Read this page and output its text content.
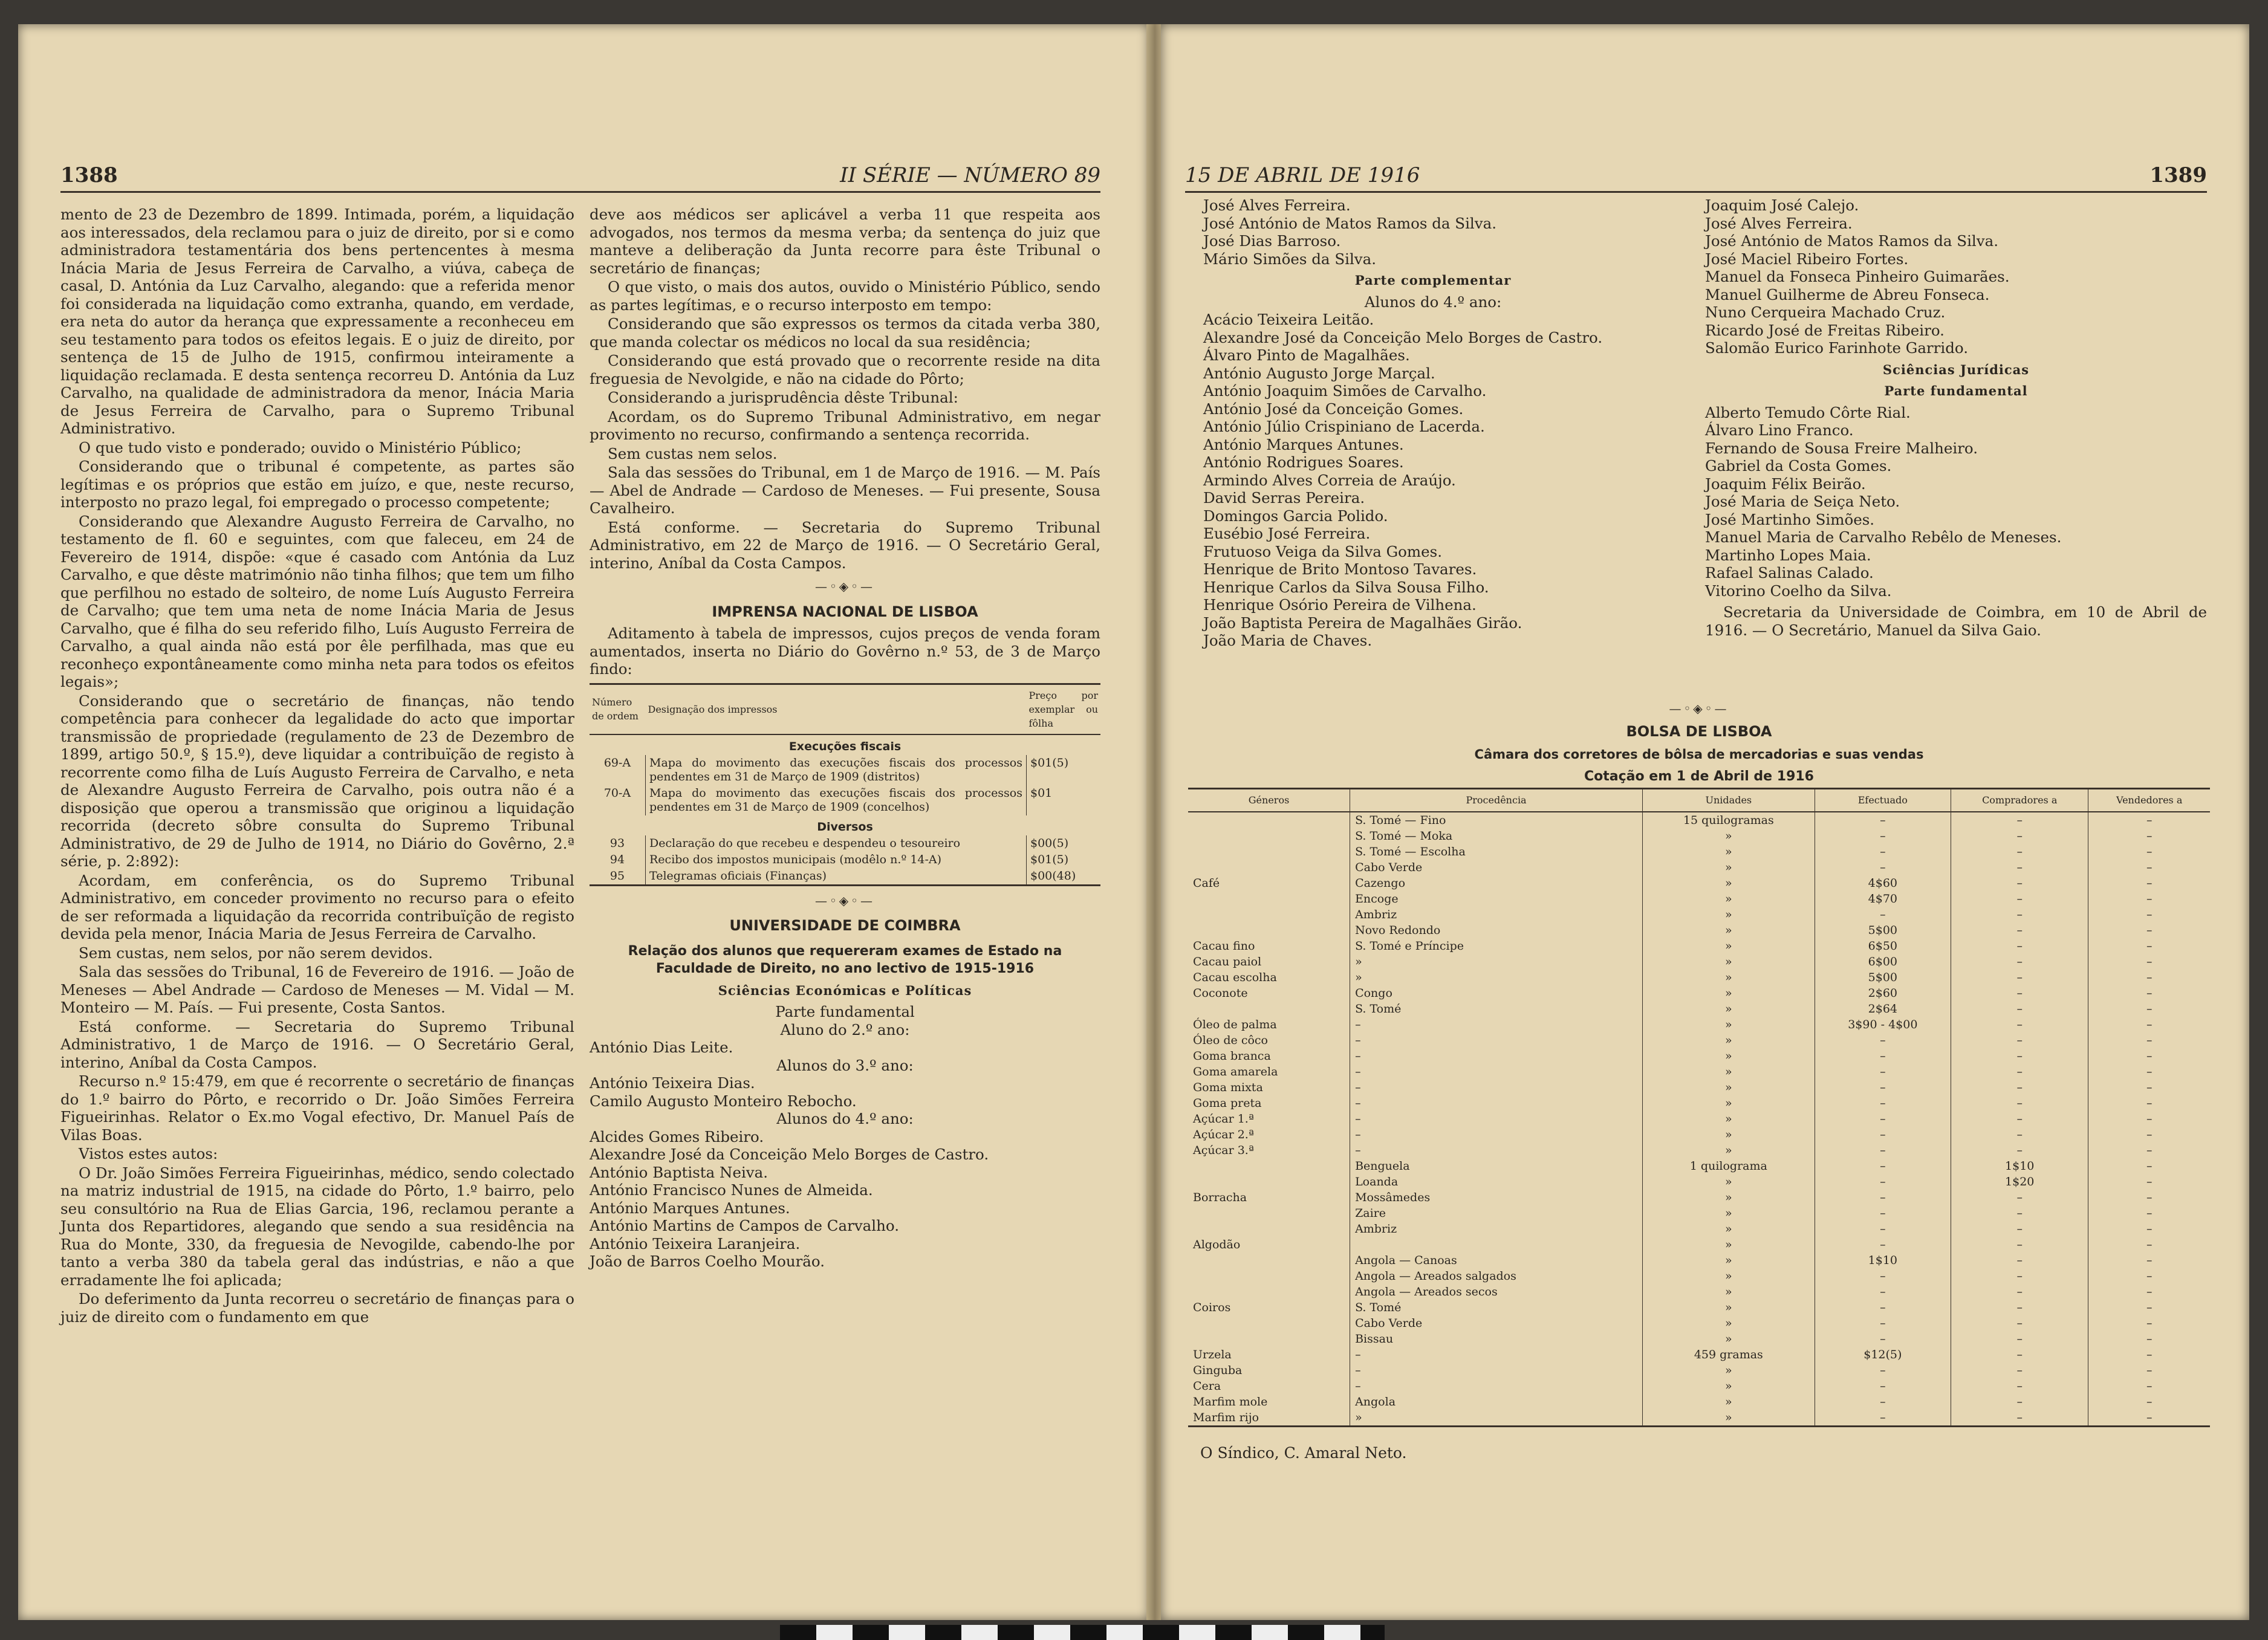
1388	II SÉRIE — NÚMERO 89

mento de 23 de Dezembro de 1899. Intimada, porém, a liquidação aos interessados, dela reclamou para o juiz de direito, por si e como administradora testamentária dos bens pertencentes à mesma Inácia Maria de Jesus Ferreira de Carvalho, a viúva, cabeça de casal, D. Antónia da Luz Carvalho, alegando: que a referida menor foi considerada na liquidação como extranha, quando, em verdade, era neta do autor da herança que expressamente a reconheceu em seu testamento para todos os efeitos legais. E o juiz de direito, por sentença de 15 de Julho de 1915, confirmou inteiramente a liquidação reclamada. E desta sentença recorreu D. Antónia da Luz Carvalho, na qualidade de administradora da menor, Inácia Maria de Jesus Ferreira de Carvalho, para o Supremo Tribunal Administrativo.

O que tudo visto e ponderado; ouvido o Ministério Público;

Considerando que o tribunal é competente, as partes são legítimas e os próprios que estão em juízo, e que, neste recurso, interposto no prazo legal, foi empregado o processo competente;

Considerando que Alexandre Augusto Ferreira de Carvalho, no testamento de fl. 60 e seguintes, com que faleceu, em 24 de Fevereiro de 1914, dispõe: «que é casado com Antónia da Luz Carvalho, e que dêste matrimónio não tinha filhos; que tem um filho que perfilhou no estado de solteiro, de nome Luís Augusto Ferreira de Carvalho; que tem uma neta de nome Inácia Maria de Jesus Carvalho, que é filha do seu referido filho, Luís Augusto Ferreira de Carvalho, a qual ainda não está por êle perfilhada, mas que eu reconheço expontâneamente como minha neta para todos os efeitos legais»;

Considerando que o secretário de finanças, não tendo competência para conhecer da legalidade do acto que importar transmissão de propriedade (regulamento de 23 de Dezembro de 1899, artigo 50.º, § 15.º), deve liquidar a contribuïção de registo à recorrente como filha de Luís Augusto Ferreira de Carvalho, e neta de Alexandre Augusto Ferreira de Carvalho, pois outra não é a disposição que operou a transmissão que originou a liquidação recorrida (decreto sôbre consulta do Supremo Tribunal Administrativo, de 29 de Julho de 1914, no Diário do Govêrno, 2.ª série, p. 2:892):

Acordam, em conferência, os do Supremo Tribunal Administrativo, em conceder provimento no recurso para o efeito de ser reformada a liquidação da recorrida contribuïção de registo devida pela menor, Inácia Maria de Jesus Ferreira de Carvalho.

Sem custas, nem selos, por não serem devidos.

Sala das sessões do Tribunal, 16 de Fevereiro de 1916. — João de Meneses — Abel Andrade — Cardoso de Meneses — M. Vidal — M. Monteiro — M. País. — Fui presente, Costa Santos.

Está conforme. — Secretaria do Supremo Tribunal Administrativo, 1 de Março de 1916. — O Secretário Geral, interino, Aníbal da Costa Campos.

Recurso n.º 15:479, em que é recorrente o secretário de finanças do 1.º bairro do Pôrto, e recorrido o Dr. João Simões Ferreira Figueirinhas. Relator o Ex.mo Vogal efectivo, Dr. Manuel País de Vilas Boas.

Vistos estes autos:

O Dr. João Simões Ferreira Figueirinhas, médico, sendo colectado na matriz industrial de 1915, na cidade do Pôrto, 1.º bairro, pelo seu consultório na Rua de Elias Garcia, 196, reclamou perante a Junta dos Repartidores, alegando que sendo a sua residência na Rua do Monte, 330, da freguesia de Nevogilde, cabendo-lhe por tanto a verba 380 da tabela geral das indústrias, e não a que erradamente lhe foi aplicada;

Do deferimento da Junta recorreu o secretário de finanças para o juiz de direito com o fundamento em que

deve aos médicos ser aplicável a verba 11 que respeita aos advogados, nos termos da mesma verba; da sentença do juiz que manteve a deliberação da Junta recorre para êste Tribunal o secretário de finanças;

O que visto, o mais dos autos, ouvido o Ministério Público, sendo as partes legítimas, e o recurso interposto em tempo:

Considerando que são expressos os termos da citada verba 380, que manda colectar os médicos no local da sua residência;

Considerando que está provado que o recorrente reside na dita freguesia de Nevolgide, e não na cidade do Pôrto;

Considerando a jurisprudência dêste Tribunal:

Acordam, os do Supremo Tribunal Administrativo, em negar provimento no recurso, confirmando a sentença recorrida.

Sem custas nem selos.

Sala das sessões do Tribunal, em 1 de Março de 1916. — M. País — Abel de Andrade — Cardoso de Meneses. — Fui presente, Sousa Cavalheiro.

Está conforme. — Secretaria do Supremo Tribunal Administrativo, em 22 de Março de 1916. — O Secretário Geral, interino, Aníbal da Costa Campos.

—◦◈◦—
IMPRENSA NACIONAL DE LISBOA

Aditamento à tabela de impressos, cujos preços de venda foram aumentados, inserta no Diário do Govêrno n.º 53, de 3 de Março findo:

Número de ordem	Designação dos impressos	Preço por exemplar ou fôlha
Execuções fiscais		
69-A	Mapa do movimento das execuções fiscais dos processos pendentes em 31 de Março de 1909 (distritos)	$01(5)
70-A	Mapa do movimento das execuções fiscais dos processos pendentes em 31 de Março de 1909 (concelhos)	$01
Diversos		
93	Declaração do que recebeu e despendeu o tesoureiro	$00(5)
94	Recibo dos impostos municipais (modêlo n.º 14-A)	$01(5)
95	Telegramas oficiais (Finanças)	$00(48)
—◦◈◦—
UNIVERSIDADE DE COIMBRA
Relação dos alunos que requereram exames de Estado na Faculdade de Direito, no ano lectivo de 1915-1916
Sciências Económicas e Políticas
Parte fundamental
Aluno do 2.º ano:
António Dias Leite.
Alunos do 3.º ano:
António Teixeira Dias.
Camilo Augusto Monteiro Rebocho.
Alunos do 4.º ano:
Alcides Gomes Ribeiro.
Alexandre José da Conceição Melo Borges de Castro.
António Baptista Neiva.
António Francisco Nunes de Almeida.
António Marques Antunes.
António Martins de Campos de Carvalho.
António Teixeira Laranjeira.
João de Barros Coelho Mourão.
15 DE ABRIL DE 1916	1389
José Alves Ferreira.
José António de Matos Ramos da Silva.
José Dias Barroso.
Mário Simões da Silva.
Parte complementar
Alunos do 4.º ano:
Acácio Teixeira Leitão.
Alexandre José da Conceição Melo Borges de Castro.
Álvaro Pinto de Magalhães.
António Augusto Jorge Marçal.
António Joaquim Simões de Carvalho.
António José da Conceição Gomes.
António Júlio Crispiniano de Lacerda.
António Marques Antunes.
António Rodrigues Soares.
Armindo Alves Correia de Araújo.
David Serras Pereira.
Domingos Garcia Polido.
Eusébio José Ferreira.
Frutuoso Veiga da Silva Gomes.
Henrique de Brito Montoso Tavares.
Henrique Carlos da Silva Sousa Filho.
Henrique Osório Pereira de Vilhena.
João Baptista Pereira de Magalhães Girão.
João Maria de Chaves.
Joaquim José Calejo.
José Alves Ferreira.
José António de Matos Ramos da Silva.
José Maciel Ribeiro Fortes.
Manuel da Fonseca Pinheiro Guimarães.
Manuel Guilherme de Abreu Fonseca.
Nuno Cerqueira Machado Cruz.
Ricardo José de Freitas Ribeiro.
Salomão Eurico Farinhote Garrido.
Sciências Jurídicas
Parte fundamental
Alberto Temudo Côrte Rial.
Álvaro Lino Franco.
Fernando de Sousa Freire Malheiro.
Gabriel da Costa Gomes.
Joaquim Félix Beirão.
José Maria de Seiça Neto.
José Martinho Simões.
Manuel Maria de Carvalho Rebêlo de Meneses.
Martinho Lopes Maia.
Rafael Salinas Calado.
Vitorino Coelho da Silva.
Secretaria da Universidade de Coimbra, em 10 de Abril de 1916. — O Secretário, Manuel da Silva Gaio.
—◦◈◦—
BOLSA DE LISBOA
Câmara dos corretores de bôlsa de mercadorias e suas vendas
Cotação em 1 de Abril de 1916
Géneros	Procedência	Unidades	Efectuado	Compradores a	Vendedores a
	S. Tomé — Fino	15 quilogramas	–	–	–
	S. Tomé — Moka	»	–	–	–
	S. Tomé — Escolha	»	–	–	–
	Cabo Verde	»	–	–	–
Café	Cazengo	»	4$60	–	–
	Encoge	»	4$70	–	–
	Ambriz	»	–	–	–
	Novo Redondo	»	5$00	–	–
Cacau fino	S. Tomé e Príncipe	»	6$50	–	–
Cacau paiol	»	»	6$00	–	–
Cacau escolha	»	»	5$00	–	–
Coconote	Congo	»	2$60	–	–
	S. Tomé	»	2$64	–	–
Óleo de palma	–	»	3$90 - 4$00	–	–
Óleo de côco	–	»	–	–	–
Goma branca	–	»	–	–	–
Goma amarela	–	»	–	–	–
Goma mixta	–	»	–	–	–
Goma preta	–	»	–	–	–
Açúcar 1.ª	–	»	–	–	–
Açúcar 2.ª	–	»	–	–	–
Açúcar 3.ª	–	»	–	–	–
	Benguela	1 quilograma	–	1$10	–
	Loanda	»	–	1$20	–
Borracha	Mossâmedes	»	–	–	–
	Zaire	»	–	–	–
	Ambriz	»	–	–	–
Algodão		»	–	–	–
	Angola — Canoas	»	1$10	–	–
	Angola — Areados salgados	»	–	–	–
	Angola — Areados secos	»	–	–	–
Coiros	S. Tomé	»	–	–	–
	Cabo Verde	»	–	–	–
	Bissau	»	–	–	–
Urzela	–	459 gramas	$12(5)	–	–
Ginguba	–	»	–	–	–
Cera	–	»	–	–	–
Marfim mole	Angola	»	–	–	–
Marfim rijo	»	»	–	–	–
O Síndico, C. Amaral Neto.
